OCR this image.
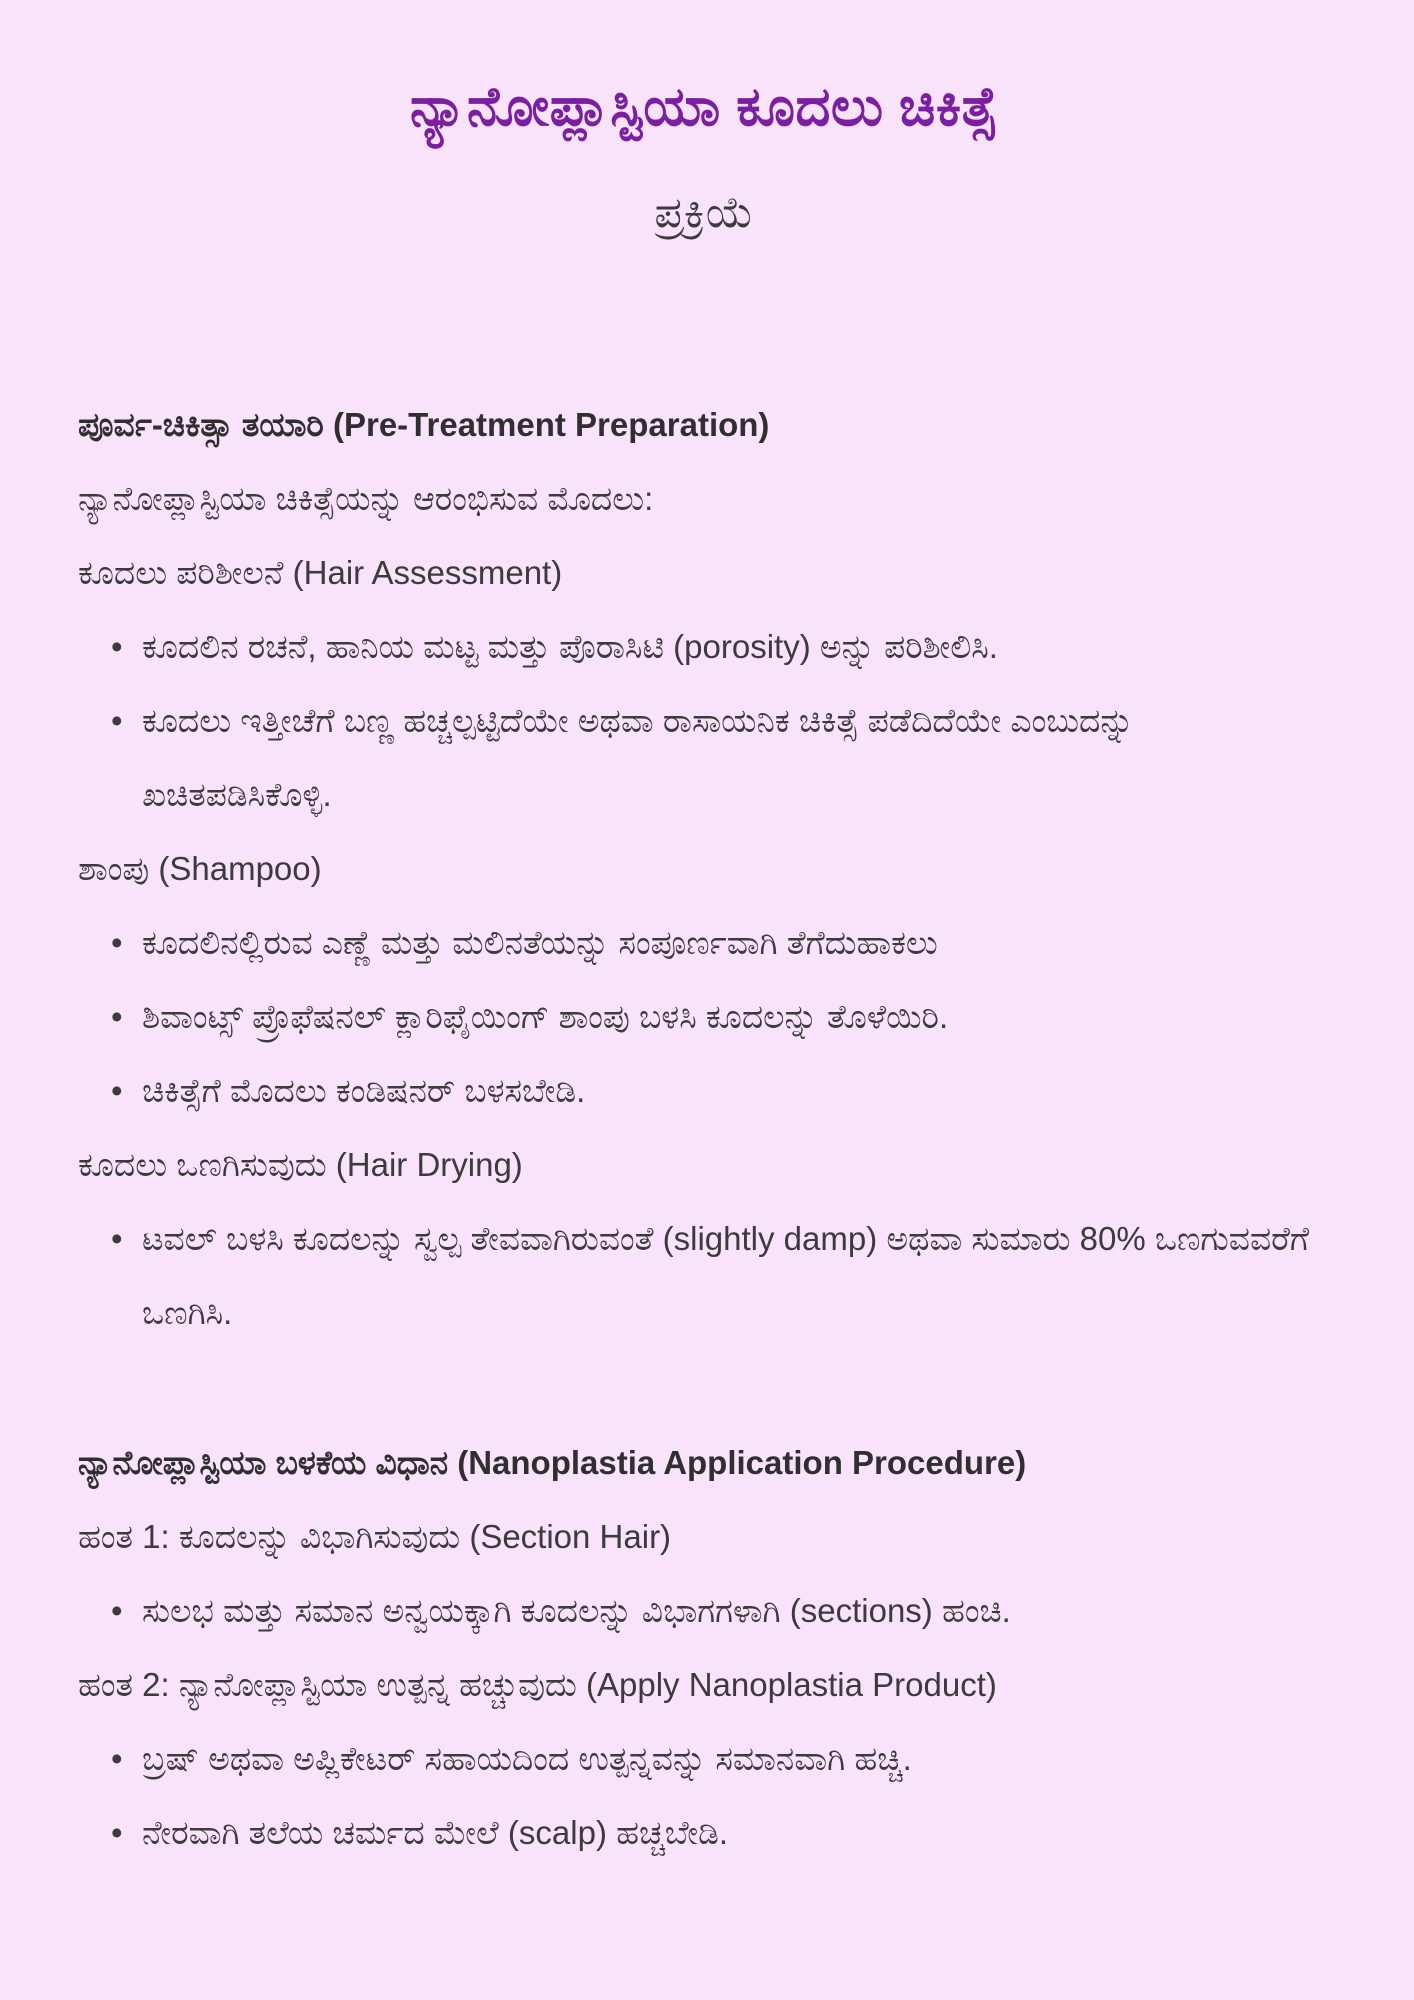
ನ್ಯಾನೋಪ್ಲಾಸ್ಟಿಯಾ ಕೂದಲು ಚಿಕಿತ್ಸೆ
ಪ್ರಕ್ರಿಯೆ

ಪೂರ್ವ-ಚಿಕಿತ್ಸಾ ತಯಾರಿ (Pre-Treatment Preparation)

ನ್ಯಾನೋಪ್ಲಾಸ್ಟಿಯಾ ಚಿಕಿತ್ಸೆಯನ್ನು ಆರಂಭಿಸುವ ಮೊದಲು:

ಕೂದಲು ಪರಿಶೀಲನೆ (Hair Assessment)

• ಕೂದಲಿನ ರಚನೆ, ಹಾನಿಯ ಮಟ್ಟ ಮತ್ತು ಪೊರಾಸಿಟಿ (porosity) ಅನ್ನು ಪರಿಶೀಲಿಸಿ.
• ಕೂದಲು ಇತ್ತೀಚೆಗೆ ಬಣ್ಣ ಹಚ್ಚಲ್ಪಟ್ಟಿದೆಯೇ ಅಥವಾ ರಾಸಾಯನಿಕ ಚಿಕಿತ್ಸೆ ಪಡೆದಿದೆಯೇ ಎಂಬುದನ್ನು ಖಚಿತಪಡಿಸಿಕೊಳ್ಳಿ.

ಶಾಂಪು (Shampoo)

• ಕೂದಲಿನಲ್ಲಿರುವ ಎಣ್ಣೆ ಮತ್ತು ಮಲಿನತೆಯನ್ನು ಸಂಪೂರ್ಣವಾಗಿ ತೆಗೆದುಹಾಕಲು
• ಶಿವಾಂಟ್ಸ್ ಪ್ರೊಫೆಷನಲ್ ಕ್ಲಾರಿಫೈಯಿಂಗ್ ಶಾಂಪು ಬಳಸಿ ಕೂದಲನ್ನು ತೊಳೆಯಿರಿ.
• ಚಿಕಿತ್ಸೆಗೆ ಮೊದಲು ಕಂಡಿಷನರ್ ಬಳಸಬೇಡಿ.

ಕೂದಲು ಒಣಗಿಸುವುದು (Hair Drying)

• ಟವಲ್ ಬಳಸಿ ಕೂದಲನ್ನು ಸ್ವಲ್ಪ ತೇವವಾಗಿರುವಂತೆ (slightly damp) ಅಥವಾ ಸುಮಾರು 80% ಒಣಗುವವರೆಗೆ ಒಣಗಿಸಿ.

ನ್ಯಾನೋಪ್ಲಾಸ್ಟಿಯಾ ಬಳಕೆಯ ವಿಧಾನ (Nanoplastia Application Procedure)

ಹಂತ 1: ಕೂದಲನ್ನು ವಿಭಾಗಿಸುವುದು (Section Hair)

• ಸುಲಭ ಮತ್ತು ಸಮಾನ ಅನ್ವಯಕ್ಕಾಗಿ ಕೂದಲನ್ನು ವಿಭಾಗಗಳಾಗಿ (sections) ಹಂಚಿ.

ಹಂತ 2: ನ್ಯಾನೋಪ್ಲಾಸ್ಟಿಯಾ ಉತ್ಪನ್ನ ಹಚ್ಚುವುದು (Apply Nanoplastia Product)

• ಬ್ರಷ್ ಅಥವಾ ಅಪ್ಲಿಕೇಟರ್ ಸಹಾಯದಿಂದ ಉತ್ಪನ್ನವನ್ನು ಸಮಾನವಾಗಿ ಹಚ್ಚಿ.
• ನೇರವಾಗಿ ತಲೆಯ ಚರ್ಮದ ಮೇಲೆ (scalp) ಹಚ್ಚಬೇಡಿ.
